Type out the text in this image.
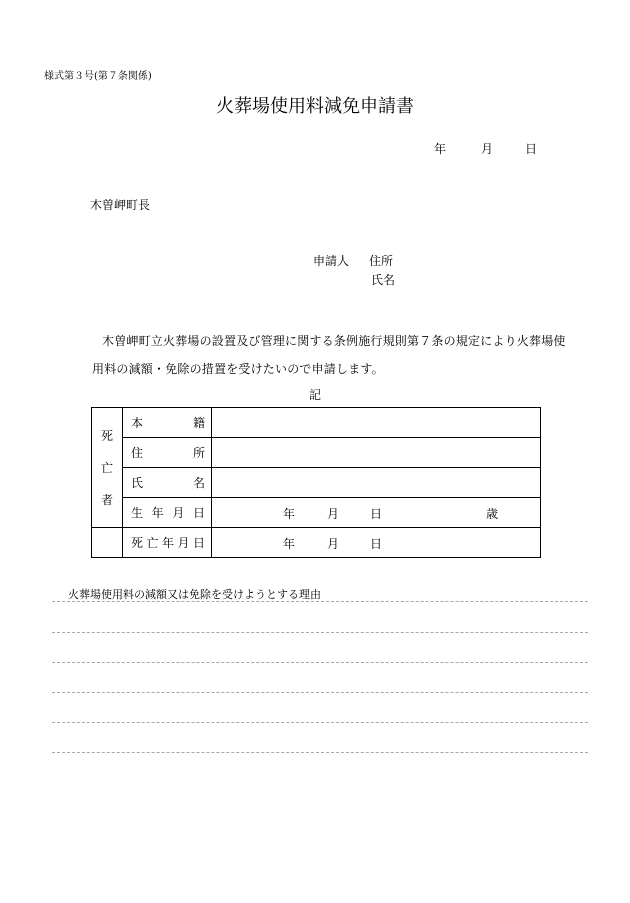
様式第３号(第７条関係)
火葬場使用料減免申請書
年	月	日
木曽岬町長
申請人 住所
氏名
木曽岬町立火葬場の設置及び管理に関する条例施行規則第７条の規定により火葬場使
用料の減額・免除の措置を受けたいので申請します。
記
死
亡
者	本 籍	

	住 所	

	氏 名	

	生 年 月 日	年 月 日 歳

	死 亡 年 月 日	年 月 日
火葬場使用料の減額又は免除を受けようとする理由
